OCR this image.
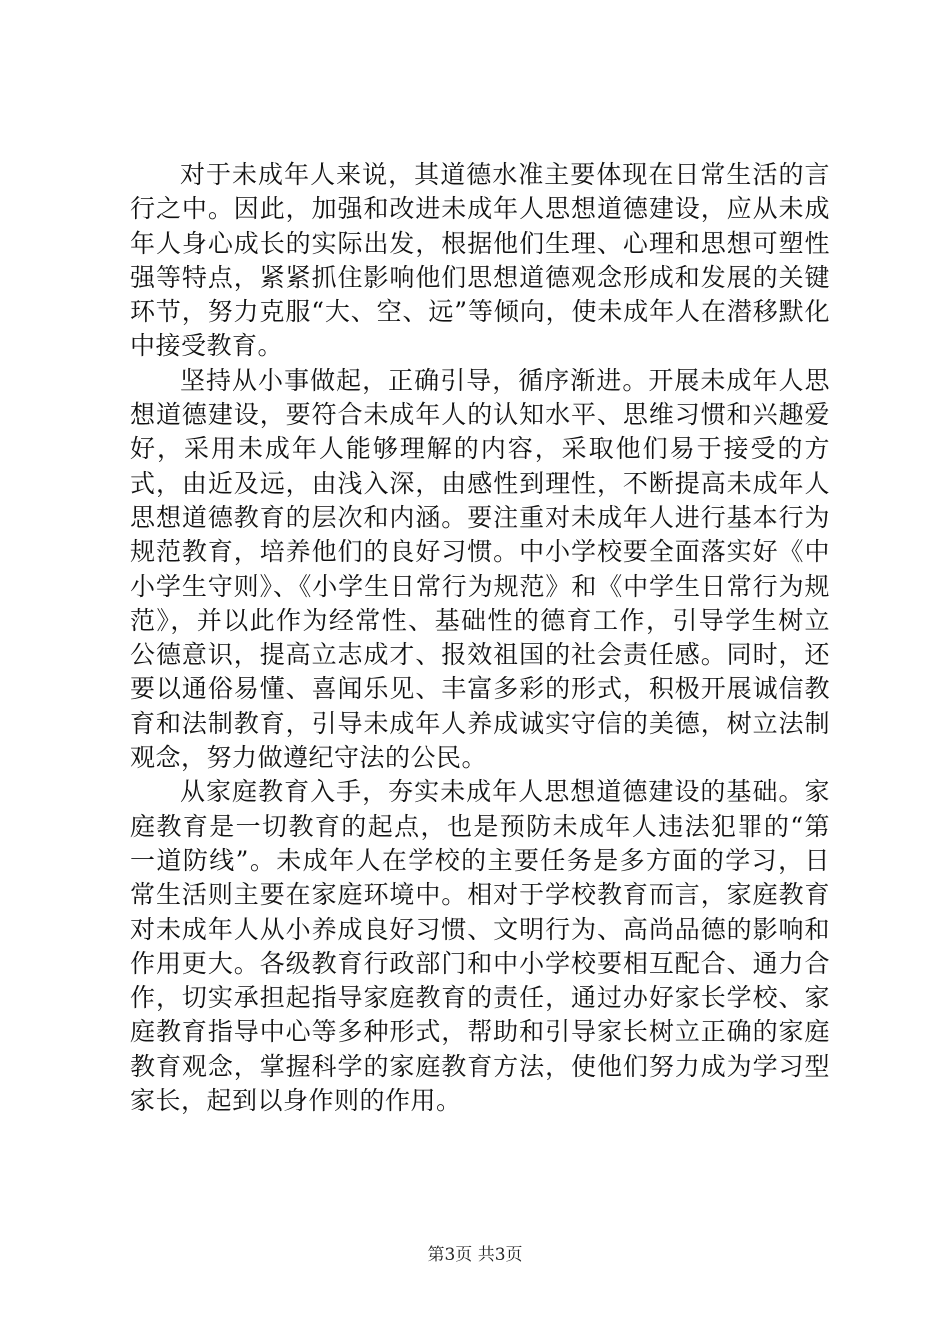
对于未成年人来说，其道德水准主要体现在日常生活的言行之中。因此，加强和改进未成年人思想道德建设，应从未成年人身心成长的实际出发，根据他们生理、心理和思想可塑性强等特点，紧紧抓住影响他们思想道德观念形成和发展的关键环节，努力克服“大、空、远”等倾向，使未成年人在潜移默化中接受教育。

坚持从小事做起，正确引导，循序渐进。开展未成年人思想道德建设，要符合未成年人的认知水平、思维习惯和兴趣爱好，采用未成年人能够理解的内容，采取他们易于接受的方式，由近及远，由浅入深，由感性到理性，不断提高未成年人思想道德教育的层次和内涵。要注重对未成年人进行基本行为规范教育，培养他们的良好习惯。中小学校要全面落实好《中小学生守则》、《小学生日常行为规范》和《中学生日常行为规范》，并以此作为经常性、基础性的德育工作，引导学生树立公德意识，提高立志成才、报效祖国的社会责任感。同时，还要以通俗易懂、喜闻乐见、丰富多彩的形式，积极开展诚信教育和法制教育，引导未成年人养成诚实守信的美德，树立法制观念，努力做遵纪守法的公民。

从家庭教育入手，夯实未成年人思想道德建设的基础。家庭教育是一切教育的起点，也是预防未成年人违法犯罪的“第一道防线”。未成年人在学校的主要任务是多方面的学习，日常生活则主要在家庭环境中。相对于学校教育而言，家庭教育对未成年人从小养成良好习惯、文明行为、高尚品德的影响和作用更大。各级教育行政部门和中小学校要相互配合、通力合作，切实承担起指导家庭教育的责任，通过办好家长学校、家庭教育指导中心等多种形式，帮助和引导家长树立正确的家庭教育观念，掌握科学的家庭教育方法，使他们努力成为学习型家长，起到以身作则的作用。

第3页 共3页
